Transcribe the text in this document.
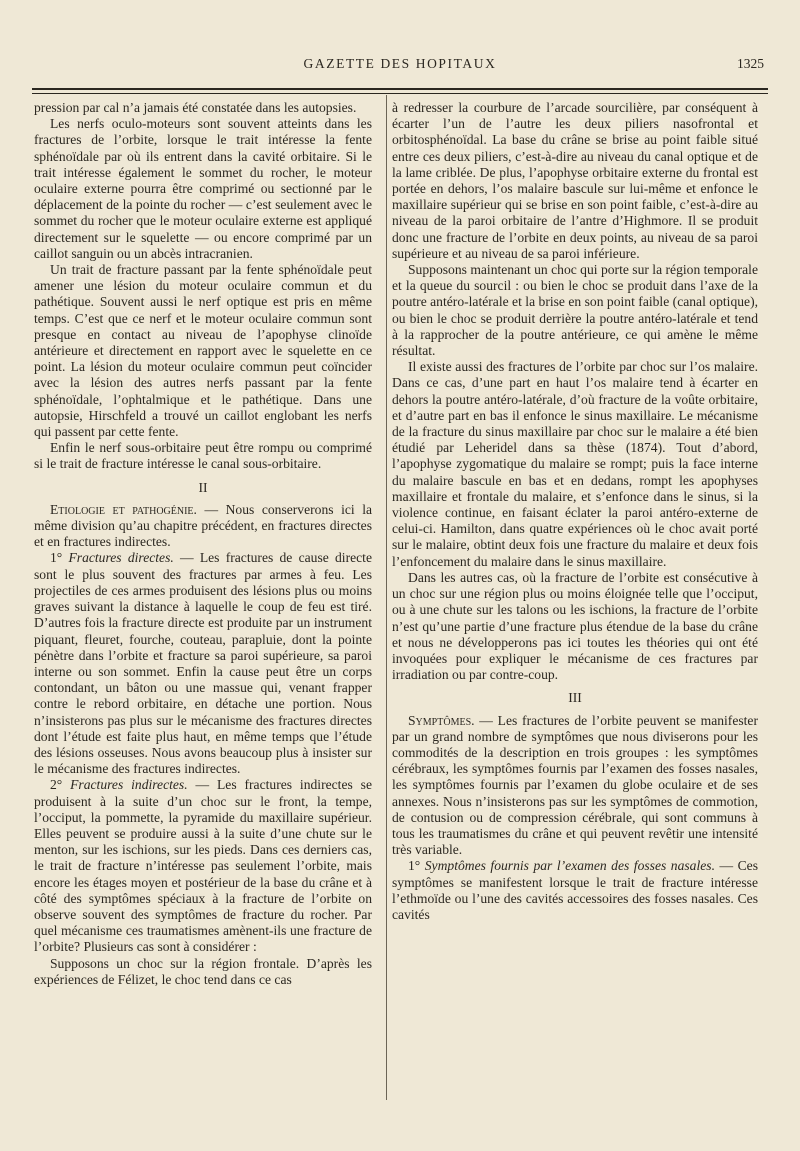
GAZETTE DES HOPITAUX	1325

pression par cal n’a jamais été constatée dans les autopsies.

Les nerfs oculo-moteurs sont souvent atteints dans les fractures de l’orbite, lorsque le trait intéresse la fente sphénoïdale par où ils entrent dans la cavité orbitaire. Si le trait intéresse également le sommet du rocher, le moteur oculaire externe pourra être comprimé ou sectionné par le déplacement de la pointe du rocher — c’est seulement avec le sommet du rocher que le moteur oculaire externe est appliqué directement sur le squelette — ou encore comprimé par un caillot sanguin ou un abcès intracranien.

Un trait de fracture passant par la fente sphénoïdale peut amener une lésion du moteur oculaire commun et du pathétique. Souvent aussi le nerf optique est pris en même temps. C’est que ce nerf et le moteur oculaire commun sont presque en contact au niveau de l’apophyse clinoïde antérieure et directement en rapport avec le squelette en ce point. La lésion du moteur oculaire commun peut coïncider avec la lésion des autres nerfs passant par la fente sphénoïdale, l’ophtalmique et le pathétique. Dans une autopsie, Hirschfeld a trouvé un caillot englobant les nerfs qui passent par cette fente.

Enfin le nerf sous-orbitaire peut être rompu ou comprimé si le trait de fracture intéresse le canal sous-orbitaire.

II

Etiologie et pathogénie. — Nous conserverons ici la même division qu’au chapitre précédent, en fractures directes et en fractures indirectes.

1° Fractures directes. — Les fractures de cause directe sont le plus souvent des fractures par armes à feu. Les projectiles de ces armes produisent des lésions plus ou moins graves suivant la distance à laquelle le coup de feu est tiré. D’autres fois la fracture directe est produite par un instrument piquant, fleuret, fourche, couteau, parapluie, dont la pointe pénètre dans l’orbite et fracture sa paroi supérieure, sa paroi interne ou son sommet. Enfin la cause peut être un corps contondant, un bâton ou une massue qui, venant frapper contre le rebord orbitaire, en détache une portion. Nous n’insisterons pas plus sur le mécanisme des fractures directes dont l’étude est faite plus haut, en même temps que l’étude des lésions osseuses. Nous avons beaucoup plus à insister sur le mécanisme des fractures indirectes.

2° Fractures indirectes. — Les fractures indirectes se produisent à la suite d’un choc sur le front, la tempe, l’occiput, la pommette, la pyramide du maxillaire supérieur. Elles peuvent se produire aussi à la suite d’une chute sur le menton, sur les ischions, sur les pieds. Dans ces derniers cas, le trait de fracture n’intéresse pas seulement l’orbite, mais encore les étages moyen et postérieur de la base du crâne et à côté des symptômes spéciaux à la fracture de l’orbite on observe souvent des symptômes de fracture du rocher. Par quel mécanisme ces traumatismes amènent-ils une fracture de l’orbite? Plusieurs cas sont à considérer :

Supposons un choc sur la région frontale. D’après les expériences de Félizet, le choc tend dans ce cas

à redresser la courbure de l’arcade sourcilière, par conséquent à écarter l’un de l’autre les deux piliers nasofrontal et orbitosphénoïdal. La base du crâne se brise au point faible situé entre ces deux piliers, c’est-à-dire au niveau du canal optique et de la lame criblée. De plus, l’apophyse orbitaire externe du frontal est portée en dehors, l’os malaire bascule sur lui-même et enfonce le maxillaire supérieur qui se brise en son point faible, c’est-à-dire au niveau de la paroi orbitaire de l’antre d’Highmore. Il se produit donc une fracture de l’orbite en deux points, au niveau de sa paroi supérieure et au niveau de sa paroi inférieure.

Supposons maintenant un choc qui porte sur la région temporale et la queue du sourcil : ou bien le choc se produit dans l’axe de la poutre antéro-latérale et la brise en son point faible (canal optique), ou bien le choc se produit derrière la poutre antéro-latérale et tend à la rapprocher de la poutre antérieure, ce qui amène le même résultat.

Il existe aussi des fractures de l’orbite par choc sur l’os malaire. Dans ce cas, d’une part en haut l’os malaire tend à écarter en dehors la poutre antéro-latérale, d’où fracture de la voûte orbitaire, et d’autre part en bas il enfonce le sinus maxillaire. Le mécanisme de la fracture du sinus maxillaire par choc sur le malaire a été bien étudié par Leheridel dans sa thèse (1874). Tout d’abord, l’apophyse zygomatique du malaire se rompt; puis la face interne du malaire bascule en bas et en dedans, rompt les apophyses maxillaire et frontale du malaire, et s’enfonce dans le sinus, si la violence continue, en faisant éclater la paroi antéro-externe de celui-ci. Hamilton, dans quatre expériences où le choc avait porté sur le malaire, obtint deux fois une fracture du malaire et deux fois l’enfoncement du malaire dans le sinus maxillaire.

Dans les autres cas, où la fracture de l’orbite est consécutive à un choc sur une région plus ou moins éloignée telle que l’occiput, ou à une chute sur les talons ou les ischions, la fracture de l’orbite n’est qu’une partie d’une fracture plus étendue de la base du crâne et nous ne développerons pas ici toutes les théories qui ont été invoquées pour expliquer le mécanisme de ces fractures par irradiation ou par contre-coup.

III

Symptômes. — Les fractures de l’orbite peuvent se manifester par un grand nombre de symptômes que nous diviserons pour les commodités de la description en trois groupes : les symptômes cérébraux, les symptômes fournis par l’examen des fosses nasales, les symptômes fournis par l’examen du globe oculaire et de ses annexes. Nous n’insisterons pas sur les symptômes de commotion, de contusion ou de compression cérébrale, qui sont communs à tous les traumatismes du crâne et qui peuvent revêtir une intensité très variable.

1° Symptômes fournis par l’examen des fosses nasales. — Ces symptômes se manifestent lorsque le trait de fracture intéresse l’ethmoïde ou l’une des cavités accessoires des fosses nasales. Ces cavités
